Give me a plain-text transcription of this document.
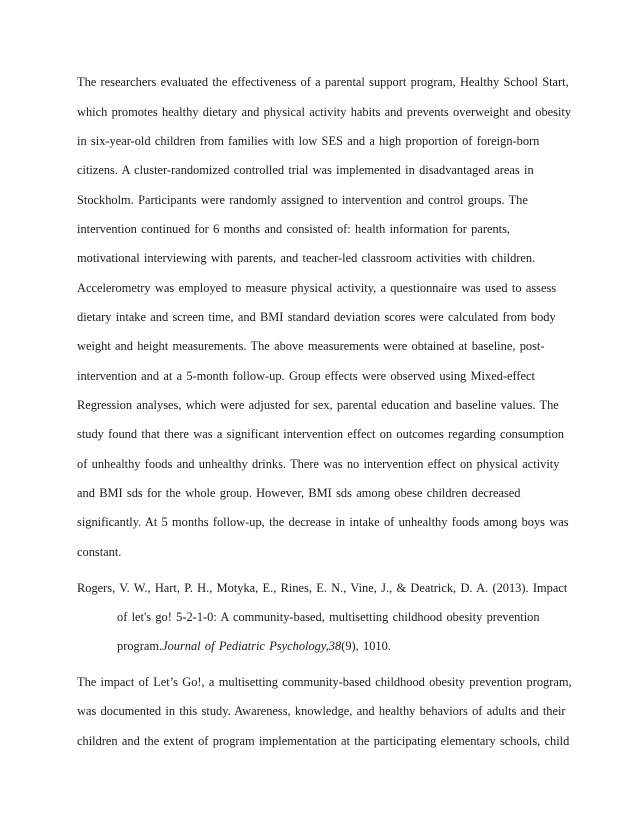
The researchers evaluated the effectiveness of a parental support program, Healthy School Start,
which promotes healthy dietary and physical activity habits and prevents overweight and obesity
in six-year-old children from families with low SES and a high proportion of foreign-born
citizens. A cluster-randomized controlled trial was implemented in disadvantaged areas in
Stockholm. Participants were randomly assigned to intervention and control groups. The
intervention continued for 6 months and consisted of: health information for parents,
motivational interviewing with parents, and teacher-led classroom activities with children.
Accelerometry was employed to measure physical activity, a questionnaire was used to assess
dietary intake and screen time, and BMI standard deviation scores were calculated from body
weight and height measurements. The above measurements were obtained at baseline, post-
intervention and at a 5-month follow-up. Group effects were observed using Mixed-effect
Regression analyses, which were adjusted for sex, parental education and baseline values. The
study found that there was a significant intervention effect on outcomes regarding consumption
of unhealthy foods and unhealthy drinks. There was no intervention effect on physical activity
and BMI sds for the whole group. However, BMI sds among obese children decreased
significantly. At 5 months follow-up, the decrease in intake of unhealthy foods among boys was
constant.
Rogers, V. W., Hart, P. H., Motyka, E., Rines, E. N., Vine, J., & Deatrick, D. A. (2013). Impact
of let's go! 5-2-1-0: A community-based, multisetting childhood obesity prevention
program.Journal of Pediatric Psychology,38(9), 1010.
The impact of Let’s Go!, a multisetting community-based childhood obesity prevention program,
was documented in this study. Awareness, knowledge, and healthy behaviors of adults and their
children and the extent of program implementation at the participating elementary schools, child
